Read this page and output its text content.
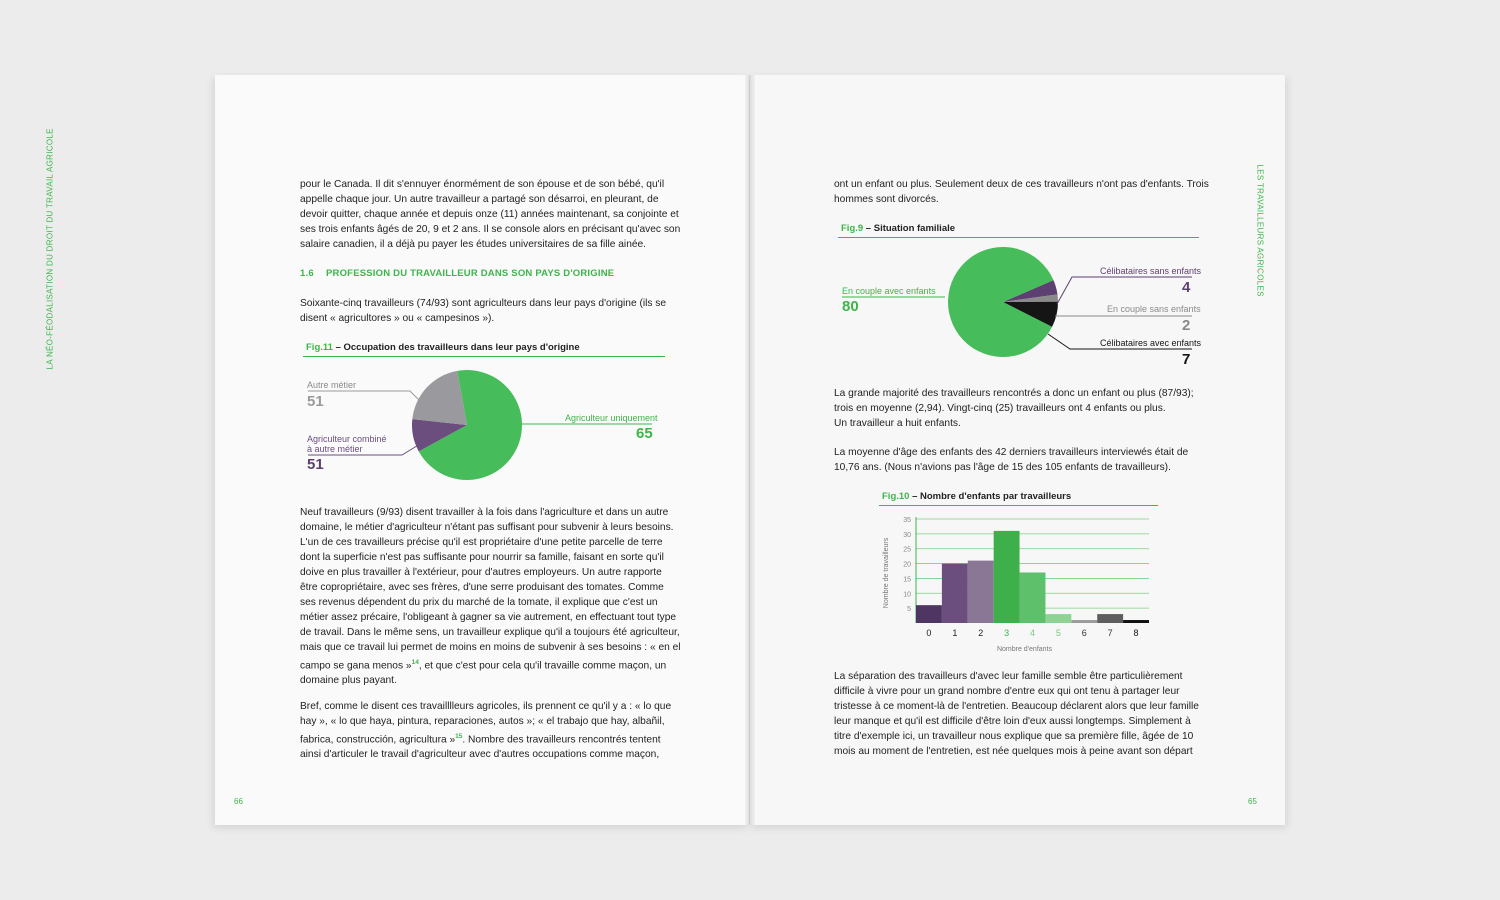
LA NÉO-FÉODALISATION DU DROIT DU TRAVAIL AGRICOLE	LES TRAVAILLEURS AGRICOLES
66	65

pour le Canada. Il dit s'ennuyer énormément de son épouse et de son bébé, qu'il

appelle chaque jour. Un autre travailleur a partagé son désarroi, en pleurant, de

devoir quitter, chaque année et depuis onze (11) années maintenant, sa conjointe et

ses trois enfants âgés de 20, 9 et 2 ans. Il se console alors en précisant qu'avec son

salaire canadien, il a déjà pu payer les études universitaires de sa fille ainée.

1.6 PROFESSION DU TRAVAILLEUR DANS SON PAYS D'ORIGINE

Soixante-cinq travailleurs (74/93) sont agriculteurs dans leur pays d'origine (ils se

disent « agricultores » ou « campesinos »).

Fig.11 – Occupation des travailleurs dans leur pays d'origine
Autre métier
51
Agriculteur combiné
à autre métier
51
Agriculteur uniquement
65

Neuf travailleurs (9/93) disent travailler à la fois dans l'agriculture et dans un autre

domaine, le métier d'agriculteur n'étant pas suffisant pour subvenir à leurs besoins.

L'un de ces travailleurs précise qu'il est propriétaire d'une petite parcelle de terre

dont la superficie n'est pas suffisante pour nourrir sa famille, faisant en sorte qu'il

doive en plus travailler à l'extérieur, pour d'autres employeurs. Un autre rapporte

être copropriétaire, avec ses frères, d'une serre produisant des tomates. Comme

ses revenus dépendent du prix du marché de la tomate, il explique que c'est un

métier assez précaire, l'obligeant à gagner sa vie autrement, en effectuant tout type

de travail. Dans le même sens, un travailleur explique qu'il a toujours été agriculteur,

mais que ce travail lui permet de moins en moins de subvenir à ses besoins : « en el

campo se gana menos »$^{14}$, et que c'est pour cela qu'il travaille comme maçon, un

domaine plus payant.

Bref, comme le disent ces travailllleurs agricoles, ils prennent ce qu'il y a : « lo que

hay », « lo que haya, pintura, reparaciones, autos »; « el trabajo que hay, albañil,

fabrica, construcción, agricultura »$^{15}$. Nombre des travailleurs rencontrés tentent

ainsi d'articuler le travail d'agriculteur avec d'autres occupations comme maçon,

ont un enfant ou plus. Seulement deux de ces travailleurs n'ont pas d'enfants. Trois

hommes sont divorcés.

Fig.9 – Situation familiale
En couple avec enfants
80
Célibataires sans enfants
4
En couple sans enfants
2
Célibataires avec enfants
7

La grande majorité des travailleurs rencontrés a donc un enfant ou plus (87/93);

trois en moyenne (2,94). Vingt-cinq (25) travailleurs ont 4 enfants ou plus.

Un travailleur a huit enfants.

La moyenne d'âge des enfants des 42 derniers travailleurs interviewés était de

10,76 ans. (Nous n'avions pas l'âge de 15 des 105 enfants de travailleurs).

Fig.10 – Nombre d'enfants par travailleurs
5
10
15
20
25
30
35
0 1 2 3 4 5 6 7 8
Nombre d'enfants
Nombre de travailleurs

La séparation des travailleurs d'avec leur famille semble être particulièrement

difficile à vivre pour un grand nombre d'entre eux qui ont tenu à partager leur

tristesse à ce moment-là de l'entretien. Beaucoup déclarent alors que leur famille

leur manque et qu'il est difficile d'être loin d'eux aussi longtemps. Simplement à

titre d'exemple ici, un travailleur nous explique que sa première fille, âgée de 10

mois au moment de l'entretien, est née quelques mois à peine avant son départ
